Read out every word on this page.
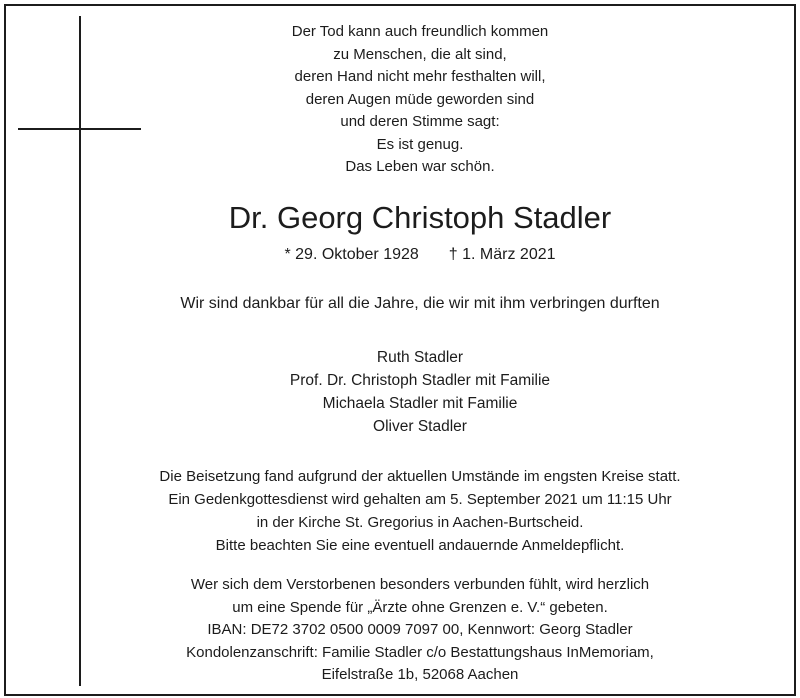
Der Tod kann auch freundlich kommen
zu Menschen, die alt sind,
deren Hand nicht mehr festhalten will,
deren Augen müde geworden sind
und deren Stimme sagt:
Es ist genug.
Das Leben war schön.
Dr. Georg Christoph Stadler
* 29. Oktober 1928 † 1. März 2021
Wir sind dankbar für all die Jahre, die wir mit ihm verbringen durften
Ruth Stadler
Prof. Dr. Christoph Stadler mit Familie
Michaela Stadler mit Familie
Oliver Stadler
Die Beisetzung fand aufgrund der aktuellen Umstände im engsten Kreise statt.
Ein Gedenkgottesdienst wird gehalten am 5. September 2021 um 11:15 Uhr
in der Kirche St. Gregorius in Aachen-Burtscheid.
Bitte beachten Sie eine eventuell andauernde Anmeldepflicht.
Wer sich dem Verstorbenen besonders verbunden fühlt, wird herzlich
um eine Spende für „Ärzte ohne Grenzen e. V.“ gebeten.
IBAN: DE72 3702 0500 0009 7097 00, Kennwort: Georg Stadler
Kondolenzanschrift: Familie Stadler c/o Bestattungshaus InMemoriam,
Eifelstraße 1b, 52068 Aachen
